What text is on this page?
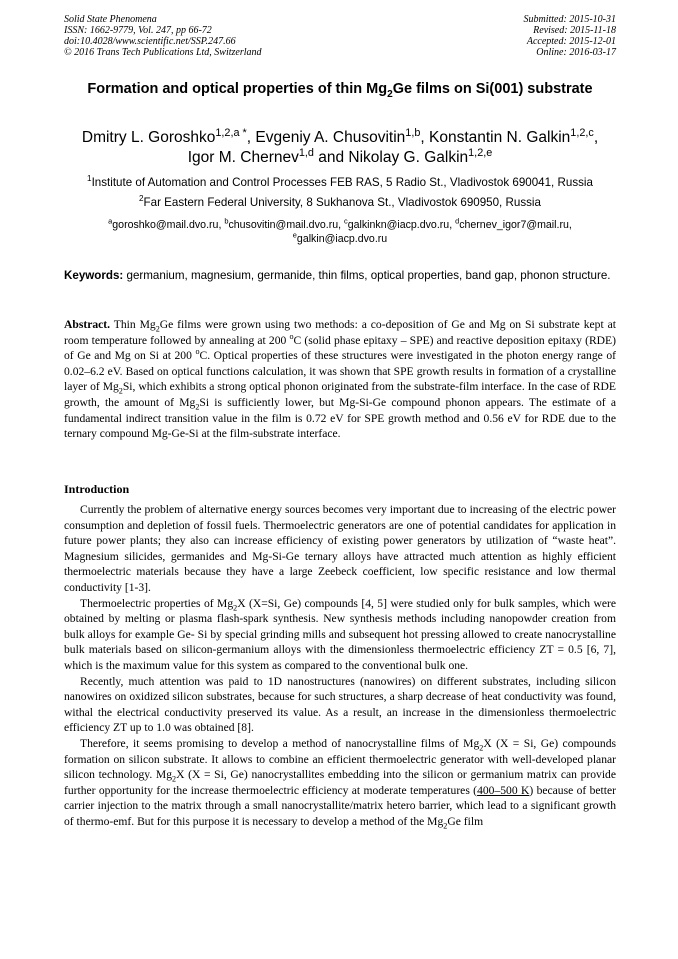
Solid State Phenomena
ISSN: 1662-9779, Vol. 247, pp 66-72
doi:10.4028/www.scientific.net/SSP.247.66
© 2016 Trans Tech Publications Ltd, Switzerland
Submitted: 2015-10-31
Revised: 2015-11-18
Accepted: 2015-12-01
Online: 2016-03-17
Formation and optical properties of thin $Mg_2Ge$ films on Si(001) substrate
Dmitry L. Goroshko$^{1,2,a *}$, Evgeniy A. Chusovitin$^{1,b}$, Konstantin N. Galkin$^{1,2,c}$,
Igor M. Chernev$^{1,d}$ and Nikolay G. Galkin$^{1,2,e}$
$^1$Institute of Automation and Control Processes FEB RAS, 5 Radio St., Vladivostok 690041, Russia
$^2$Far Eastern Federal University, 8 Sukhanova St., Vladivostok 690950, Russia
$^a$goroshko@mail.dvo.ru, $^b$chusovitin@mail.dvo.ru, $^c$galkinkn@iacp.dvo.ru, $^d$chernev_igor7@mail.ru,
$^e$galkin@iacp.dvo.ru
Keywords: germanium, magnesium, germanide, thin films, optical properties, band gap, phonon structure.

Abstract. Thin $Mg_2Ge$ films were grown using two methods: a co-deposition of Ge and Mg on Si substrate kept at room temperature followed by annealing at 200 $^o$C (solid phase epitaxy – SPE) and reactive deposition epitaxy (RDE) of Ge and Mg on Si at 200 $^o$C. Optical properties of these structures were investigated in the photon energy range of 0.02–6.2 eV. Based on optical functions calculation, it was shown that SPE growth results in formation of a crystalline layer of $Mg_2Si$, which exhibits a strong optical phonon originated from the substrate-film interface. In the case of RDE growth, the amount of $Mg_2Si$ is sufficiently lower, but Mg-Si-Ge compound phonon appears. The estimate of a fundamental indirect transition value in the film is 0.72 eV for SPE growth method and 0.56 eV for RDE due to the ternary compound Mg-Ge-Si at the film-substrate interface.

Introduction

Currently the problem of alternative energy sources becomes very important due to increasing of the electric power consumption and depletion of fossil fuels. Thermoelectric generators are one of potential candidates for application in future power plants; they also can increase efficiency of existing power generators by utilization of “waste heat”. Magnesium silicides, germanides and Mg-Si-Ge ternary alloys have attracted much attention as highly efficient thermoelectric materials because they have a large Zeebeck coefficient, low specific resistance and low thermal conductivity [1-3].

Thermoelectric properties of $Mg_2X$ (X=Si, Ge) compounds [4, 5] were studied only for bulk samples, which were obtained by melting or plasma flash-spark synthesis. New synthesis methods including nanopowder creation from bulk alloys for example Ge- Si by special grinding mills and subsequent hot pressing allowed to create nanocrystalline bulk materials based on silicon-germanium alloys with the dimensionless thermoelectric efficiency ZT = 0.5 [6, 7], which is the maximum value for this system as compared to the conventional bulk one.

Recently, much attention was paid to 1D nanostructures (nanowires) on different substrates, including silicon nanowires on oxidized silicon substrates, because for such structures, a sharp decrease of heat conductivity was found, withal the electrical conductivity preserved its value. As a result, an increase in the dimensionless thermoelectric efficiency ZT up to 1.0 was obtained [8].

Therefore, it seems promising to develop a method of nanocrystalline films of $Mg_2X$ (X = Si, Ge) compounds formation on silicon substrate. It allows to combine an efficient thermoelectric generator with well-developed planar silicon technology. $Mg_2X$ (X = Si, Ge) nanocrystallites embedding into the silicon or germanium matrix can provide further opportunity for the increase thermoelectric efficiency at moderate temperatures (400–500 K) because of better carrier injection to the matrix through a small nanocrystallite/matrix hetero barrier, which lead to a significant growth of thermo-emf. But for this purpose it is necessary to develop a method of the $Mg_2Ge$ film
